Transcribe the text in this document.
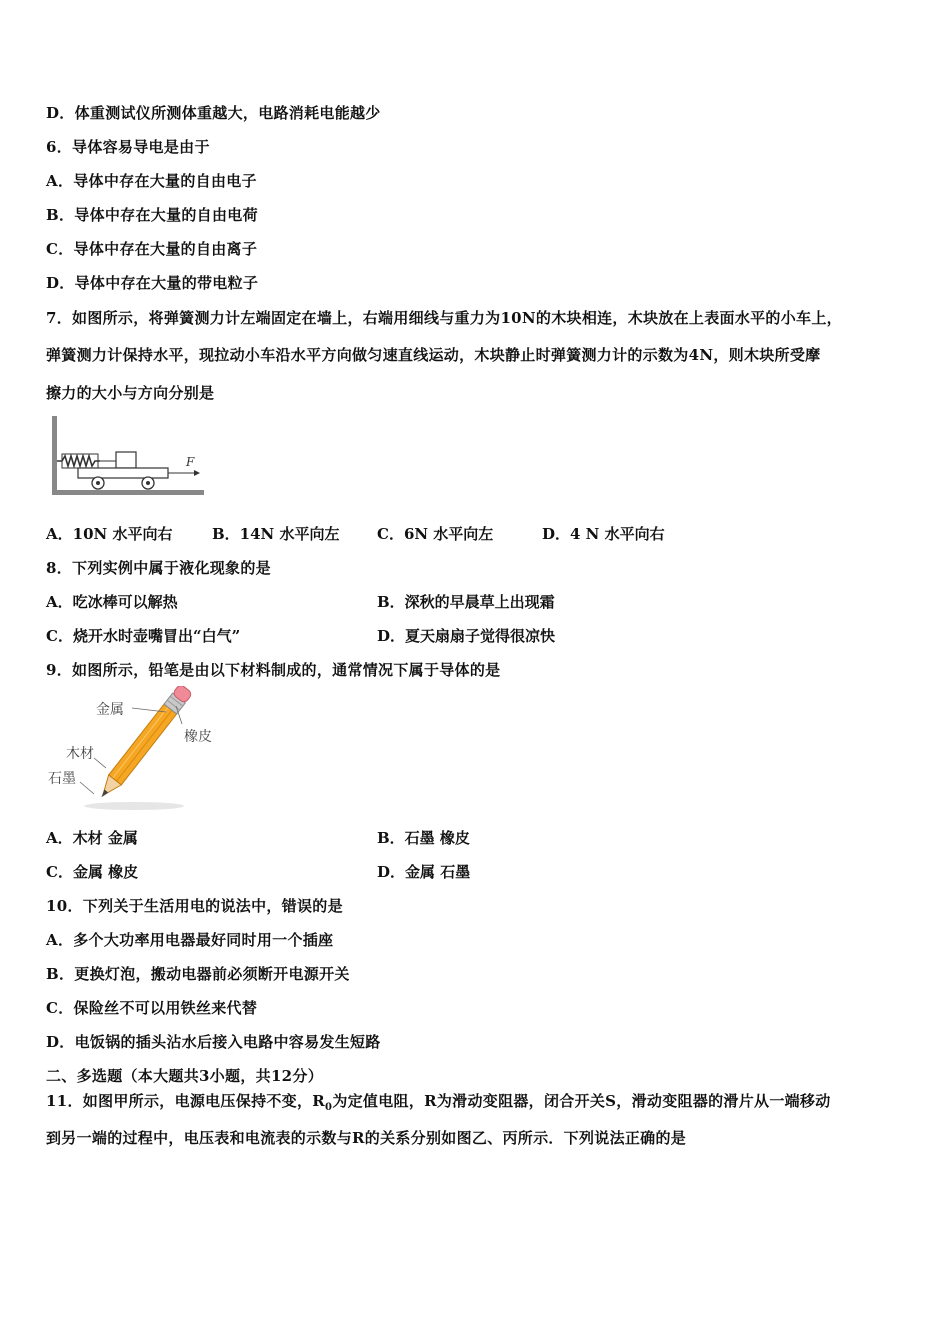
D．体重测试仪所测体重越大，电路消耗电能越少
6．导体容易导电是由于
A．导体中存在大量的自由电子
B．导体中存在大量的自由电荷
C．导体中存在大量的自由离子
D．导体中存在大量的带电粒子
7．如图所示，将弹簧测力计左端固定在墙上，右端用细线与重力为10N的木块相连，木块放在上表面水平的小车上，
弹簧测力计保持水平，现拉动小车沿水平方向做匀速直线运动，木块静止时弹簧测力计的示数为4N，则木块所受摩
擦力的大小与方向分别是
F
A．10N 水平向右	B．14N 水平向左	C．6N 水平向左	D．4 N 水平向右
8．下列实例中属于液化现象的是
A．吃冰棒可以解热	B．深秋的早晨草上出现霜
C．烧开水时壶嘴冒出“白气”	D．夏天扇扇子觉得很凉快
9．如图所示，铅笔是由以下材料制成的，通常情况下属于导体的是
金属
橡皮
木材
石墨
A．木材 金属	B．石墨 橡皮
C．金属 橡皮	D．金属 石墨
10．下列关于生活用电的说法中，错误的是
A．多个大功率用电器最好同时用一个插座
B．更换灯泡，搬动电器前必须断开电源开关
C．保险丝不可以用铁丝来代替
D．电饭锅的插头沾水后接入电路中容易发生短路
二、多选题（本大题共3小题，共12分）
11．如图甲所示，电源电压保持不变，$R_0$为定值电阻，R为滑动变阻器，闭合开关S，滑动变阻器的滑片从一端移动
到另一端的过程中，电压表和电流表的示数与R的关系分别如图乙、丙所示．下列说法正确的是
